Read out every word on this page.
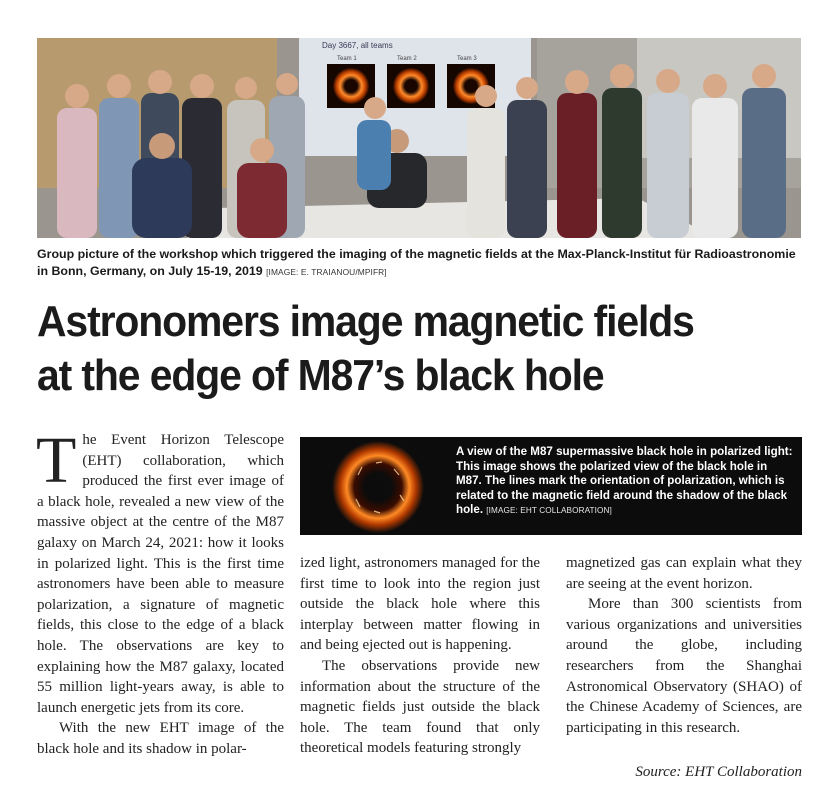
Day 3667, all teams
Team 1	Team 2	Team 3
Group picture of the workshop which triggered the imaging of the magnetic fields at the Max-Planck-Institut für Radioastronomie in Bonn, Germany, on July 15-19, 2019 [IMAGE: E. TRAIANOU/MPIFR]
Astronomers image magnetic fields
at the edge of M87’s black hole

The Event Horizon Telescope (EHT) collaboration, which produced the first ever image of a black hole, revealed a new view of the massive object at the centre of the M87 galaxy on March 24, 2021: how it looks in polarized light. This is the first time astronomers have been able to measure polarization, a signature of magnetic fields, this close to the edge of a black hole. The observations are key to explaining how the M87 galaxy, located 55 million light-years away, is able to launch energetic jets from its core.

With the new EHT image of the black hole and its shadow in polar-

A view of the M87 supermassive black hole in polarized light: This image shows the polarized view of the black hole in M87. The lines mark the orientation of polarization, which is related to the magnetic field around the shadow of the black hole. [IMAGE: EHT COLLABORATION]

ized light, astronomers managed for the first time to look into the region just outside the black hole where this interplay between matter flowing in and being ejected out is happening.

The observations provide new information about the structure of the magnetic fields just outside the black hole. The team found that only theoretical models featuring strongly

magnetized gas can explain what they are seeing at the event horizon.

More than 300 scientists from various organizations and universities around the globe, including researchers from the Shanghai Astronomical Observatory (SHAO) of the Chinese Academy of Sciences, are participating in this research.

Source: EHT Collaboration
